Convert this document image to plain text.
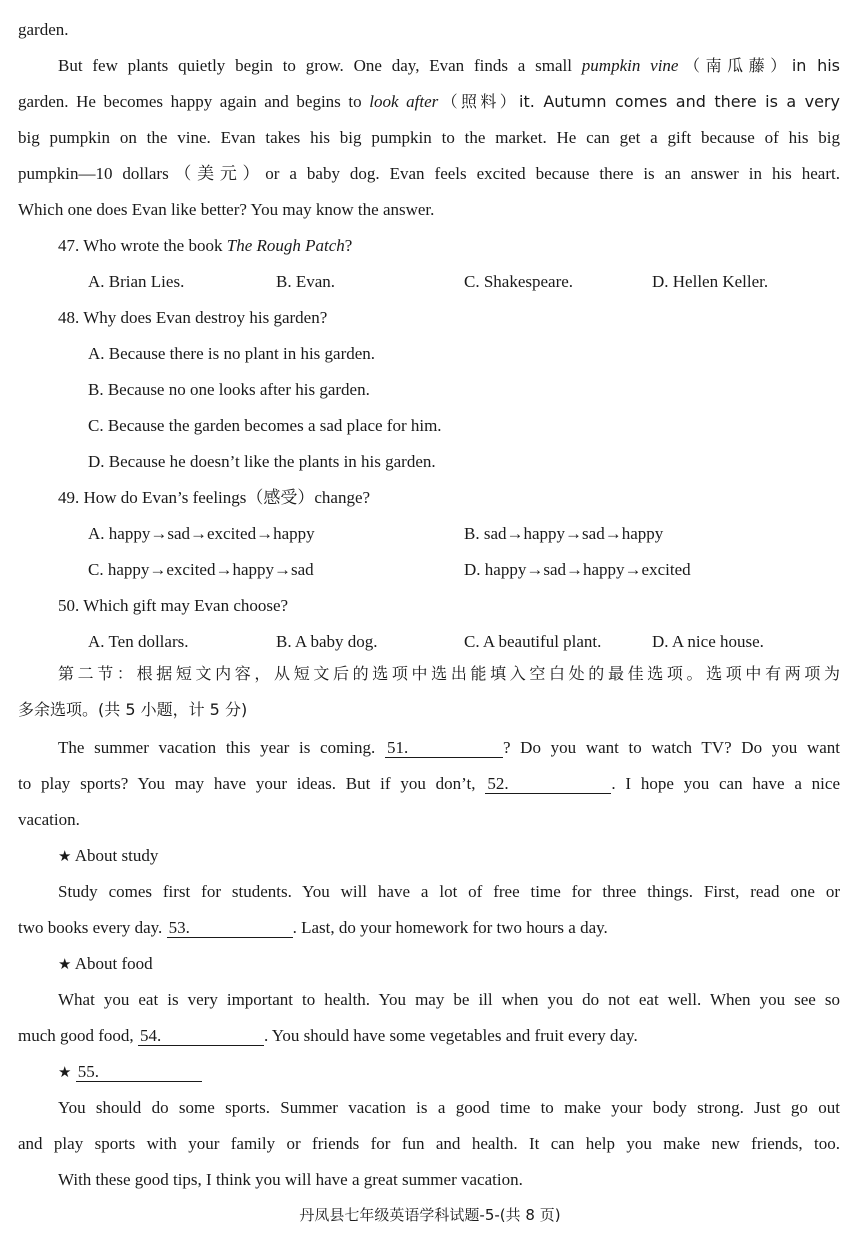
garden.
But few plants quietly begin to grow. One day, Evan finds a small pumpkin vine（南瓜藤）in his
garden. He becomes happy again and begins to look after（照料）it. Autumn comes and there is a very
big pumpkin on the vine. Evan takes his big pumpkin to the market. He can get a gift because of his big
pumpkin—10 dollars（美元）or a baby dog. Evan feels excited because there is an answer in his heart.
Which one does Evan like better? You may know the answer.
47. Who wrote the book The Rough Patch?
A. Brian Lies.	B. Evan.	C. Shakespeare.	D. Hellen Keller.
48. Why does Evan destroy his garden?
A. Because there is no plant in his garden.
B. Because no one looks after his garden.
C. Because the garden becomes a sad place for him.
D. Because he doesn’t like the plants in his garden.
49. How do Evan’s feelings（感受）change?
A. happy→sad→excited→happy	B. sad→happy→sad→happy
C. happy→excited→happy→sad	D. happy→sad→happy→excited
50. Which gift may Evan choose?
A. Ten dollars.	B. A baby dog.	C. A beautiful plant.	D. A nice house.
第二节：根据短文内容，从短文后的选项中选出能填入空白处的最佳选项。选项中有两项为
多余选项。(共 5 小题，计 5 分)
The summer vacation this year is coming. 51.	? Do you want to watch TV? Do you want
to play sports? You may have your ideas. But if you don’t, 52.	. I hope you can have a nice
vacation.
★ About study
Study comes first for students. You will have a lot of free time for three things. First, read one or
two books every day. 53.	. Last, do your homework for two hours a day.
★ About food
What you eat is very important to health. You may be ill when you do not eat well. When you see so
much good food, 54.	. You should have some vegetables and fruit every day.
★ 55.
You should do some sports. Summer vacation is a good time to make your body strong. Just go out
and play sports with your family or friends for fun and health. It can help you make new friends, too.
With these good tips, I think you will have a great summer vacation.
丹凤县七年级英语学科试题-5-(共 8 页)
